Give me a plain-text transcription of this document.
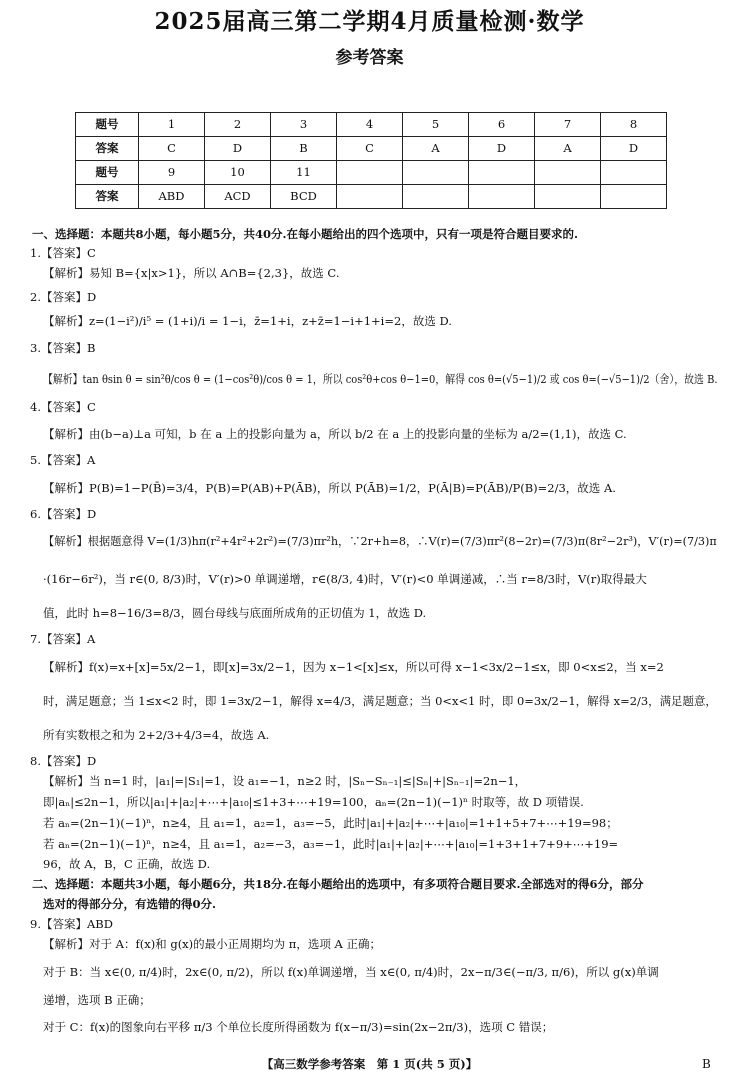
2025届高三第二学期4月质量检测·数学
参考答案
题号	1	2	3	4	5	6	7	8
答案	C	D	B	C	A	D	A	D
题号	9	10	11					
答案	ABD	ACD	BCD					
一、选择题：本题共8小题，每小题5分，共40分.在每小题给出的四个选项中，只有一项是符合题目要求的.
1.【答案】C
【解析】易知 B={x|x>1}，所以 A∩B={2,3}，故选 C.
2.【答案】D
【解析】z=(1−i²)/i⁵ = (1+i)/i = 1−i，z̄=1+i，z+z̄=1−i+1+i=2，故选 D.
3.【答案】B
【解析】tan θsin θ = sin²θ/cos θ = (1−cos²θ)/cos θ = 1，所以 cos²θ+cos θ−1=0，解得 cos θ=(√5−1)/2 或 cos θ=(−√5−1)/2（舍），故选 B.
4.【答案】C
【解析】由(b−a)⊥a 可知，b 在 a 上的投影向量为 a，所以 b/2 在 a 上的投影向量的坐标为 a/2=(1,1)，故选 C.
5.【答案】A
【解析】P(B)=1−P(B̄)=3/4，P(B)=P(AB)+P(ĀB)，所以 P(ĀB)=1/2，P(Ā|B)=P(ĀB)/P(B)=2/3，故选 A.
6.【答案】D
【解析】根据题意得 V=(1/3)hπ(r²+4r²+2r²)=(7/3)πr²h，∵2r+h=8，∴V(r)=(7/3)πr²(8−2r)=(7/3)π(8r²−2r³)，V′(r)=(7/3)π
·(16r−6r²)，当 r∈(0, 8/3)时，V′(r)>0 单调递增，r∈(8/3, 4)时，V′(r)<0 单调递减，∴当 r=8/3时，V(r)取得最大
值，此时 h=8−16/3=8/3，圆台母线与底面所成角的正切值为 1，故选 D.
7.【答案】A
【解析】f(x)=x+[x]=5x/2−1，即[x]=3x/2−1，因为 x−1<[x]≤x，所以可得 x−1<3x/2−1≤x，即 0<x≤2，当 x=2
时，满足题意；当 1≤x<2 时，即 1=3x/2−1，解得 x=4/3，满足题意；当 0<x<1 时，即 0=3x/2−1，解得 x=2/3，满足题意，
所有实数根之和为 2+2/3+4/3=4，故选 A.
8.【答案】D
【解析】当 n=1 时，|a₁|=|S₁|=1，设 a₁=−1，n≥2 时，|Sₙ−Sₙ₋₁|≤|Sₙ|+|Sₙ₋₁|=2n−1，
即|aₙ|≤2n−1，所以|a₁|+|a₂|+⋯+|a₁₀|≤1+3+⋯+19=100，aₙ=(2n−1)(−1)ⁿ 时取等，故 D 项错误.
若 aₙ=(2n−1)(−1)ⁿ，n≥4，且 a₁=1，a₂=1，a₃=−5，此时|a₁|+|a₂|+⋯+|a₁₀|=1+1+5+7+⋯+19=98；
若 aₙ=(2n−1)(−1)ⁿ，n≥4，且 a₁=1，a₂=−3，a₃=−1，此时|a₁|+|a₂|+⋯+|a₁₀|=1+3+1+7+9+⋯+19=
96，故 A，B，C 正确，故选 D.
二、选择题：本题共3小题，每小题6分，共18分.在每小题给出的选项中，有多项符合题目要求.全部选对的得6分，部分
选对的得部分分，有选错的得0分.
9.【答案】ABD
【解析】对于 A：f(x)和 g(x)的最小正周期均为 π，选项 A 正确；
对于 B：当 x∈(0, π/4)时，2x∈(0, π/2)，所以 f(x)单调递增，当 x∈(0, π/4)时，2x−π/3∈(−π/3, π/6)，所以 g(x)单调
递增，选项 B 正确；
对于 C：f(x)的图象向右平移 π/3 个单位长度所得函数为 f(x−π/3)=sin(2x−2π/3)，选项 C 错误；
【高三数学参考答案　第 1 页(共 5 页)】	B
